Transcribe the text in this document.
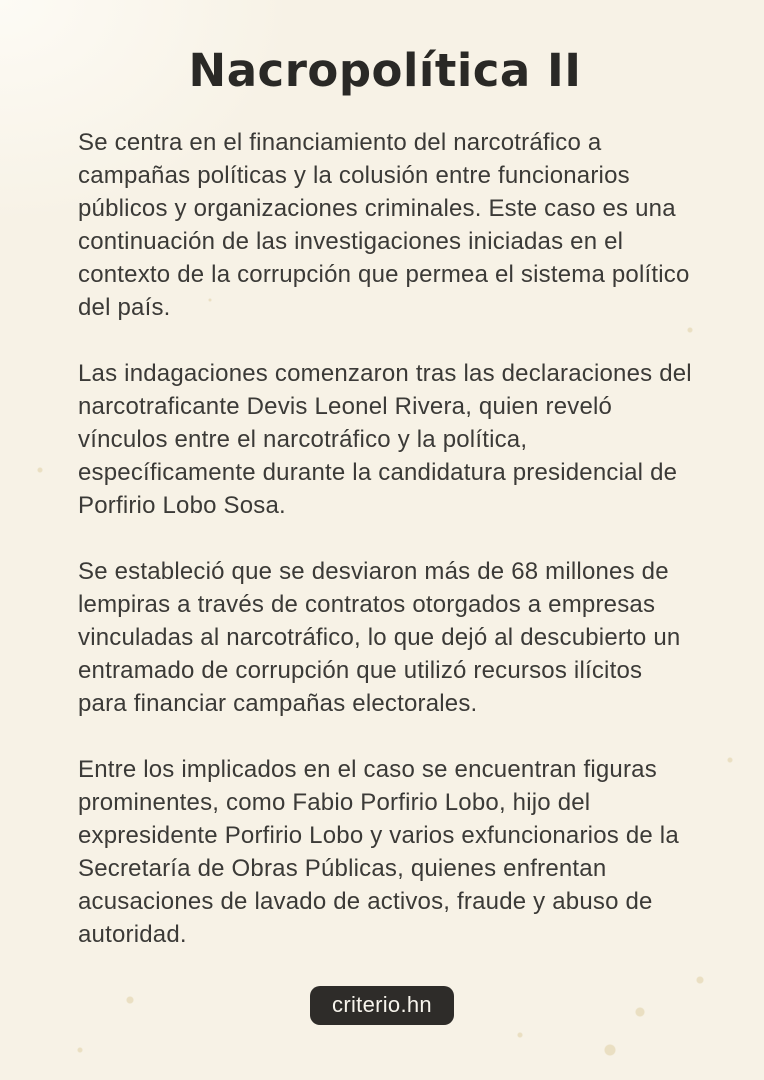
Nacropolítica II

Se centra en el financiamiento del narcotráfico a campañas políticas y la colusión entre funcionarios públicos y organizaciones criminales. Este caso es una continuación de las investigaciones iniciadas en el contexto de la corrupción que permea el sistema político del país.

Las indagaciones comenzaron tras las declaraciones del narcotraficante Devis Leonel Rivera, quien reveló vínculos entre el narcotráfico y la política, específicamente durante la candidatura presidencial de Porfirio Lobo Sosa.

Se estableció que se desviaron más de 68 millones de lempiras a través de contratos otorgados a empresas vinculadas al narcotráfico, lo que dejó al descubierto un entramado de corrupción que utilizó recursos ilícitos para financiar campañas electorales.

Entre los implicados en el caso se encuentran figuras prominentes, como Fabio Porfirio Lobo, hijo del expresidente Porfirio Lobo y varios exfuncionarios de la Secretaría de Obras Públicas, quienes enfrentan acusaciones de lavado de activos, fraude y abuso de autoridad.

criterio.hn
